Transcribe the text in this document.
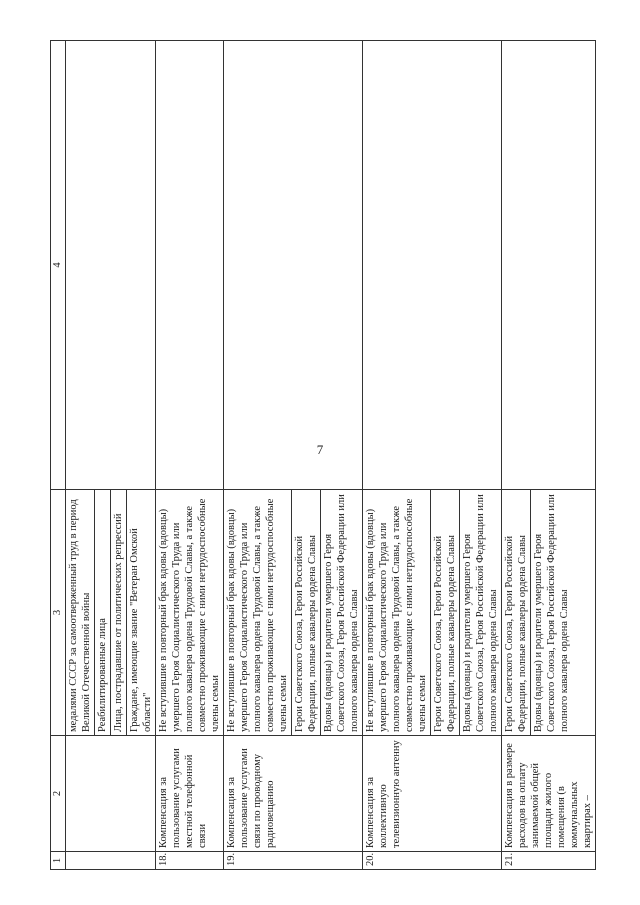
7
1	2	3	4

		медалями СССР за самоотверженный труд в период Великой Отечественной войны Реабилитированные лица Лица, пострадавшие от политических репрессий Граждане, имеющие звание "Ветеран Омской области"	

18.	Компенсация за пользование услугами местной телефонной связи	Не вступившие в повторный брак вдовы (вдовцы) умершего Героя Социалистического Труда или полного кавалера ордена Трудовой Славы, а также совместно проживающие с ними нетрудоспособные члены семьи	

19.	Компенсация за пользование услугами связи по проводному радиовещанию	Не вступившие в повторный брак вдовы (вдовцы) умершего Героя Социалистического Труда или полного кавалера ордена Трудовой Славы, а также совместно проживающие с ними нетрудоспособные члены семьи Герои Советского Союза, Герои Российской Федерации, полные кавалеры ордена Славы Вдовы (вдовцы) и родители умершего Героя Советского Союза, Героя Российской Федерации или полного кавалера ордена Славы	

20.	Компенсация за коллективную телевизионную антенну	Не вступившие в повторный брак вдовы (вдовцы) умершего Героя Социалистического Труда или полного кавалера ордена Трудовой Славы, а также совместно проживающие с ними нетрудоспособные члены семьи Герои Советского Союза, Герои Российской Федерации, полные кавалеры ордена Славы Вдовы (вдовцы) и родители умершего Героя Советского Союза, Героя Российской Федерации или полного кавалера ордена Славы	

21.	Компенсация в размере расходов на оплату занимаемой общей площади жилого помещения (в коммунальных квартирах –	Герои Советского Союза, Герои Российской Федерации, полные кавалеры ордена Славы Вдовы (вдовцы) и родители умершего Героя Советского Союза, Героя Российской Федерации или полного кавалера ордена Славы	
